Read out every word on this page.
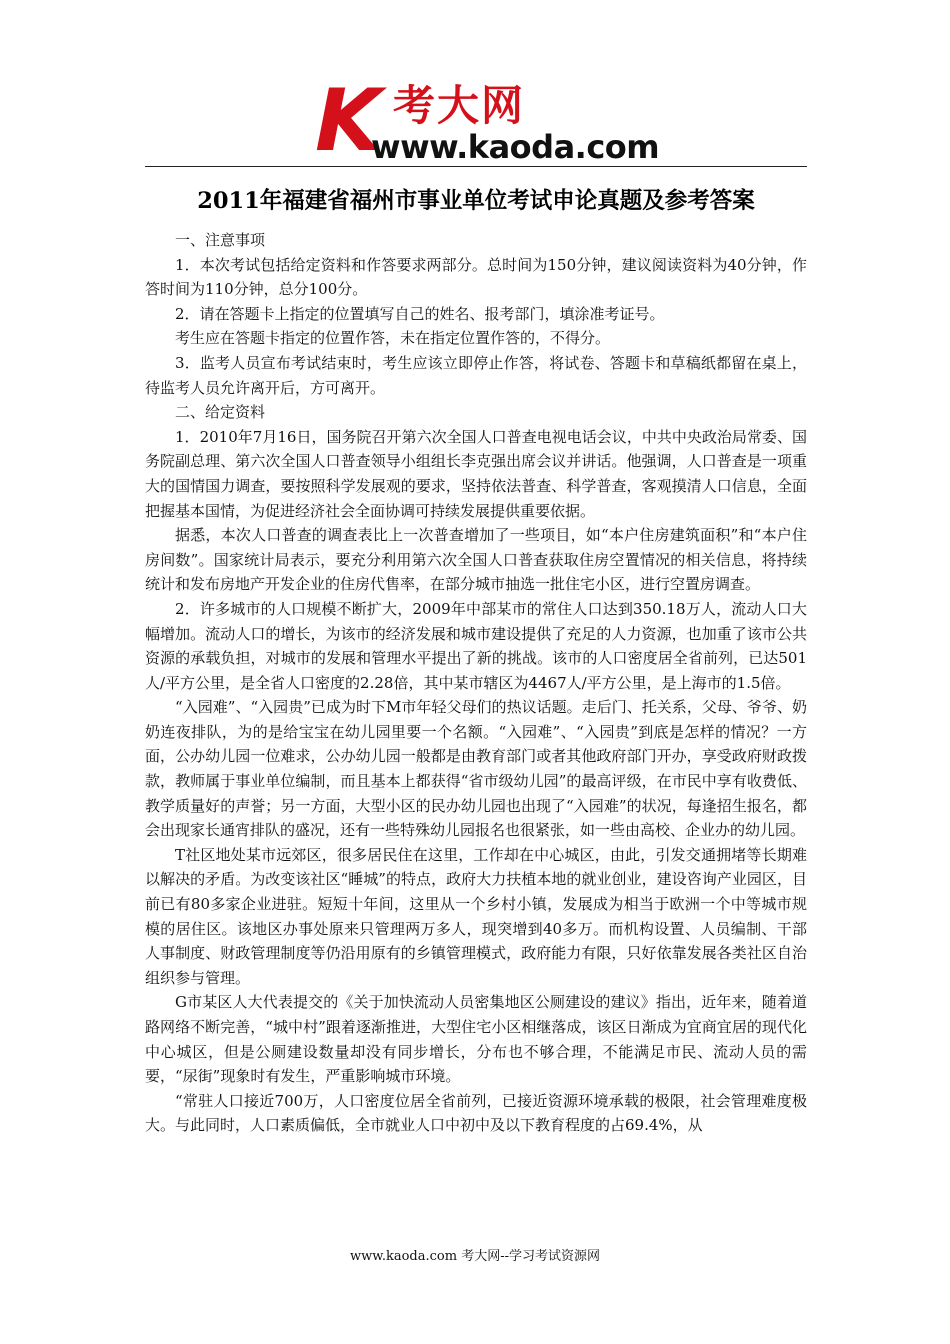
K 考大网
www.kaoda.com
2011年福建省福州市事业单位考试申论真题及参考答案

一、注意事项

1．本次考试包括给定资料和作答要求两部分。总时间为150分钟，建议阅读资料为40分钟，作答时间为110分钟，总分100分。

2．请在答题卡上指定的位置填写自己的姓名、报考部门，填涂准考证号。

考生应在答题卡指定的位置作答，未在指定位置作答的，不得分。

3．监考人员宣布考试结束时，考生应该立即停止作答，将试卷、答题卡和草稿纸都留在桌上，待监考人员允许离开后，方可离开。

二、给定资料

1．2010年7月16日，国务院召开第六次全国人口普查电视电话会议，中共中央政治局常委、国务院副总理、第六次全国人口普查领导小组组长李克强出席会议并讲话。他强调，人口普查是一项重大的国情国力调查，要按照科学发展观的要求，坚持依法普查、科学普查，客观摸清人口信息，全面把握基本国情，为促进经济社会全面协调可持续发展提供重要依据。

据悉，本次人口普查的调查表比上一次普查增加了一些项目，如“本户住房建筑面积”和“本户住房间数”。国家统计局表示，要充分利用第六次全国人口普查获取住房空置情况的相关信息，将持续统计和发布房地产开发企业的住房代售率，在部分城市抽选一批住宅小区，进行空置房调查。

2．许多城市的人口规模不断扩大，2009年中部某市的常住人口达到350.18万人，流动人口大幅增加。流动人口的增长，为该市的经济发展和城市建设提供了充足的人力资源，也加重了该市公共资源的承载负担，对城市的发展和管理水平提出了新的挑战。该市的人口密度居全省前列，已达501人/平方公里，是全省人口密度的2.28倍，其中某市辖区为4467人/平方公里，是上海市的1.5倍。

“入园难”、“入园贵”已成为时下M市年轻父母们的热议话题。走后门、托关系，父母、爷爷、奶奶连夜排队，为的是给宝宝在幼儿园里要一个名额。“入园难”、“入园贵”到底是怎样的情况？一方面，公办幼儿园一位难求，公办幼儿园一般都是由教育部门或者其他政府部门开办，享受政府财政拨款，教师属于事业单位编制，而且基本上都获得“省市级幼儿园”的最高评级，在市民中享有收费低、教学质量好的声誉；另一方面，大型小区的民办幼儿园也出现了“入园难”的状况，每逢招生报名，都会出现家长通宵排队的盛况，还有一些特殊幼儿园报名也很紧张，如一些由高校、企业办的幼儿园。

T社区地处某市远郊区，很多居民住在这里，工作却在中心城区，由此，引发交通拥堵等长期难以解决的矛盾。为改变该社区“睡城”的特点，政府大力扶植本地的就业创业，建设咨询产业园区，目前已有80多家企业进驻。短短十年间，这里从一个乡村小镇，发展成为相当于欧洲一个中等城市规模的居住区。该地区办事处原来只管理两万多人，现突增到40多万。而机构设置、人员编制、干部人事制度、财政管理制度等仍沿用原有的乡镇管理模式，政府能力有限，只好依靠发展各类社区自治组织参与管理。

G市某区人大代表提交的《关于加快流动人员密集地区公厕建设的建议》指出，近年来，随着道路网络不断完善，“城中村”跟着逐渐推进，大型住宅小区相继落成，该区日渐成为宜商宜居的现代化中心城区，但是公厕建设数量却没有同步增长，分布也不够合理，不能满足市民、流动人员的需要，“尿街”现象时有发生，严重影响城市环境。

“常驻人口接近700万，人口密度位居全省前列，已接近资源环境承载的极限，社会管理难度极大。与此同时，人口素质偏低，全市就业人口中初中及以下教育程度的占69.4%，从

www.kaoda.com 考大网--学习考试资源网
